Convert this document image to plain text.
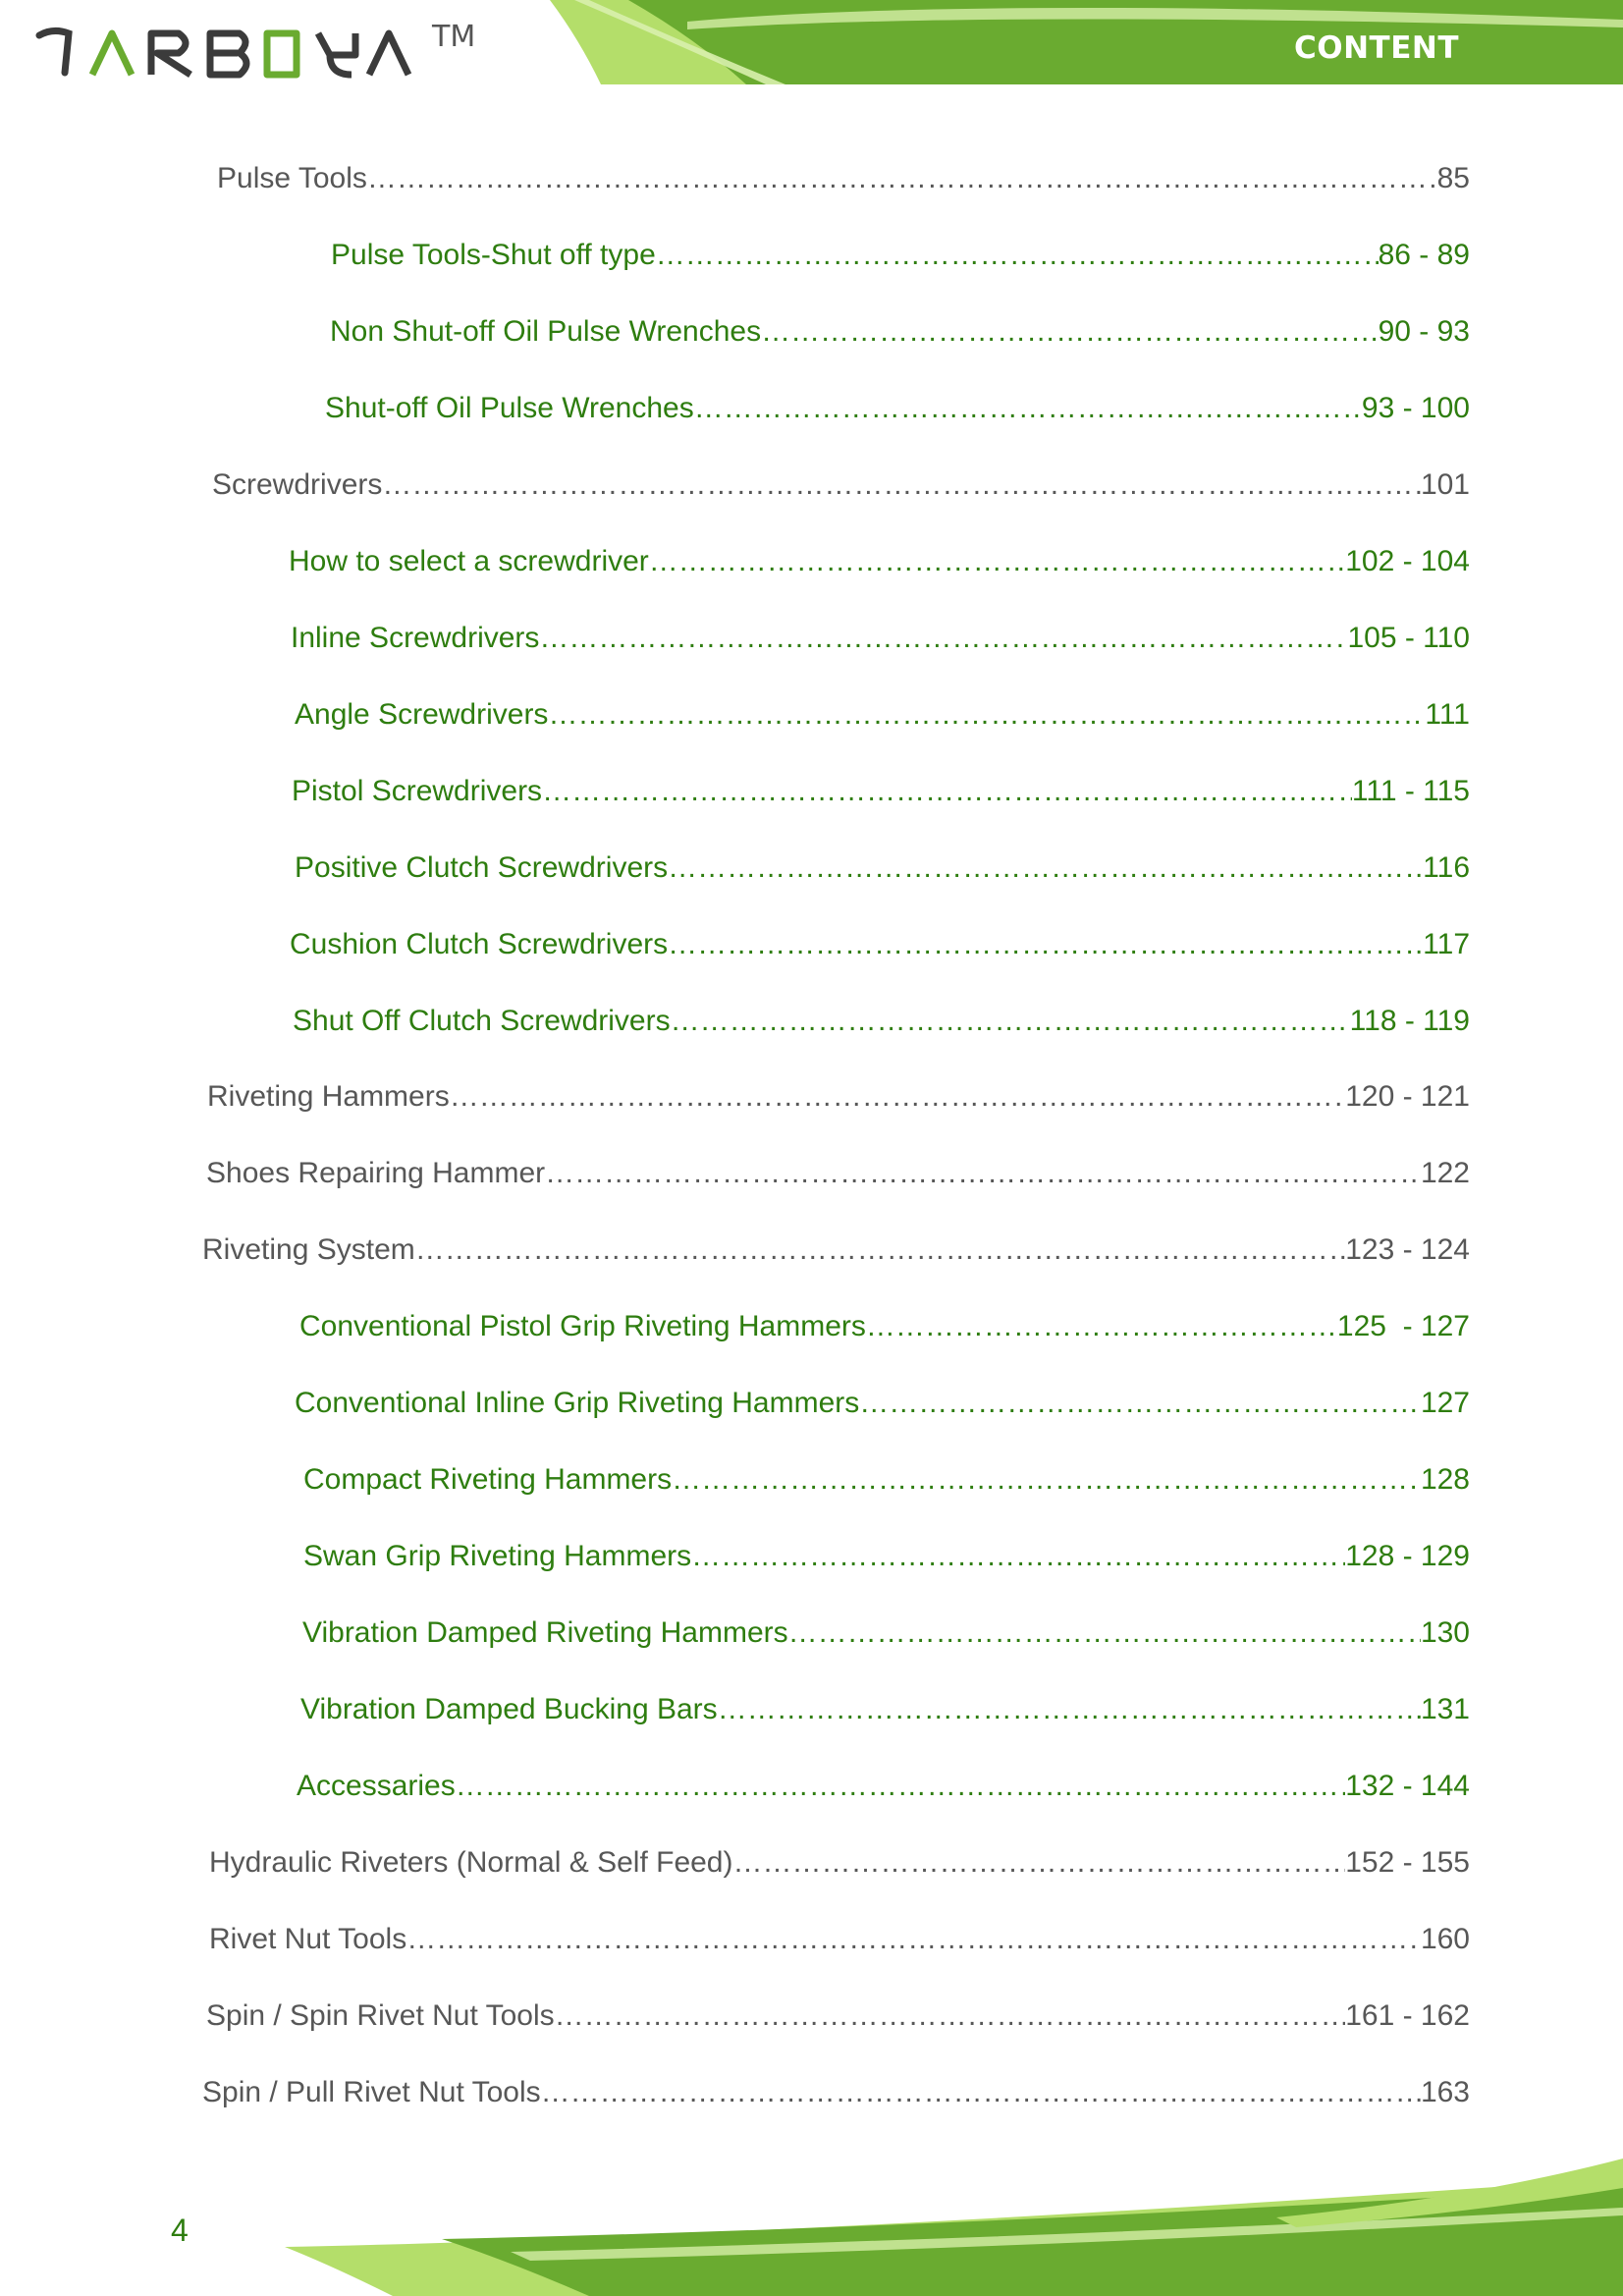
TM	CONTENT
Pulse Tools ……………………………………………………………………………………………………………………………………………………………………………………………………	85
Pulse Tools-Shut off type ……………………………………………………………………………………………………………………………………………………………………………………………………	86 - 89
Non Shut-off Oil Pulse Wrenches ……………………………………………………………………………………………………………………………………………………………………………………………………	90 - 93
Shut-off Oil Pulse Wrenches ……………………………………………………………………………………………………………………………………………………………………………………………………	93 - 100
Screwdrivers ……………………………………………………………………………………………………………………………………………………………………………………………………	101
How to select a screwdriver ……………………………………………………………………………………………………………………………………………………………………………………………………	102 - 104
Inline Screwdrivers ……………………………………………………………………………………………………………………………………………………………………………………………………	105 - 110
Angle Screwdrivers ……………………………………………………………………………………………………………………………………………………………………………………………………	111
Pistol Screwdrivers ……………………………………………………………………………………………………………………………………………………………………………………………………	111 - 115
Positive Clutch Screwdrivers ……………………………………………………………………………………………………………………………………………………………………………………………………	116
Cushion Clutch Screwdrivers ……………………………………………………………………………………………………………………………………………………………………………………………………	117
Shut Off Clutch Screwdrivers ……………………………………………………………………………………………………………………………………………………………………………………………………	118 - 119
Riveting Hammers ……………………………………………………………………………………………………………………………………………………………………………………………………	120 - 121
Shoes Repairing Hammer ……………………………………………………………………………………………………………………………………………………………………………………………………	122
Riveting System ……………………………………………………………………………………………………………………………………………………………………………………………………	123 - 124
Conventional Pistol Grip Riveting Hammers ……………………………………………………………………………………………………………………………………………………………………………………………………	125  - 127
Conventional Inline Grip Riveting Hammers ……………………………………………………………………………………………………………………………………………………………………………………………………	127
Compact Riveting Hammers ……………………………………………………………………………………………………………………………………………………………………………………………………	128
Swan Grip Riveting Hammers ……………………………………………………………………………………………………………………………………………………………………………………………………	128 - 129
Vibration Damped Riveting Hammers ……………………………………………………………………………………………………………………………………………………………………………………………………	130
Vibration Damped Bucking Bars ……………………………………………………………………………………………………………………………………………………………………………………………………	131
Accessaries ……………………………………………………………………………………………………………………………………………………………………………………………………	132 - 144
Hydraulic Riveters (Normal & Self Feed) ……………………………………………………………………………………………………………………………………………………………………………………………………	152 - 155
Rivet Nut Tools ……………………………………………………………………………………………………………………………………………………………………………………………………	160
Spin / Spin Rivet Nut Tools ……………………………………………………………………………………………………………………………………………………………………………………………………	161 - 162
Spin / Pull Rivet Nut Tools ……………………………………………………………………………………………………………………………………………………………………………………………………	163
4
